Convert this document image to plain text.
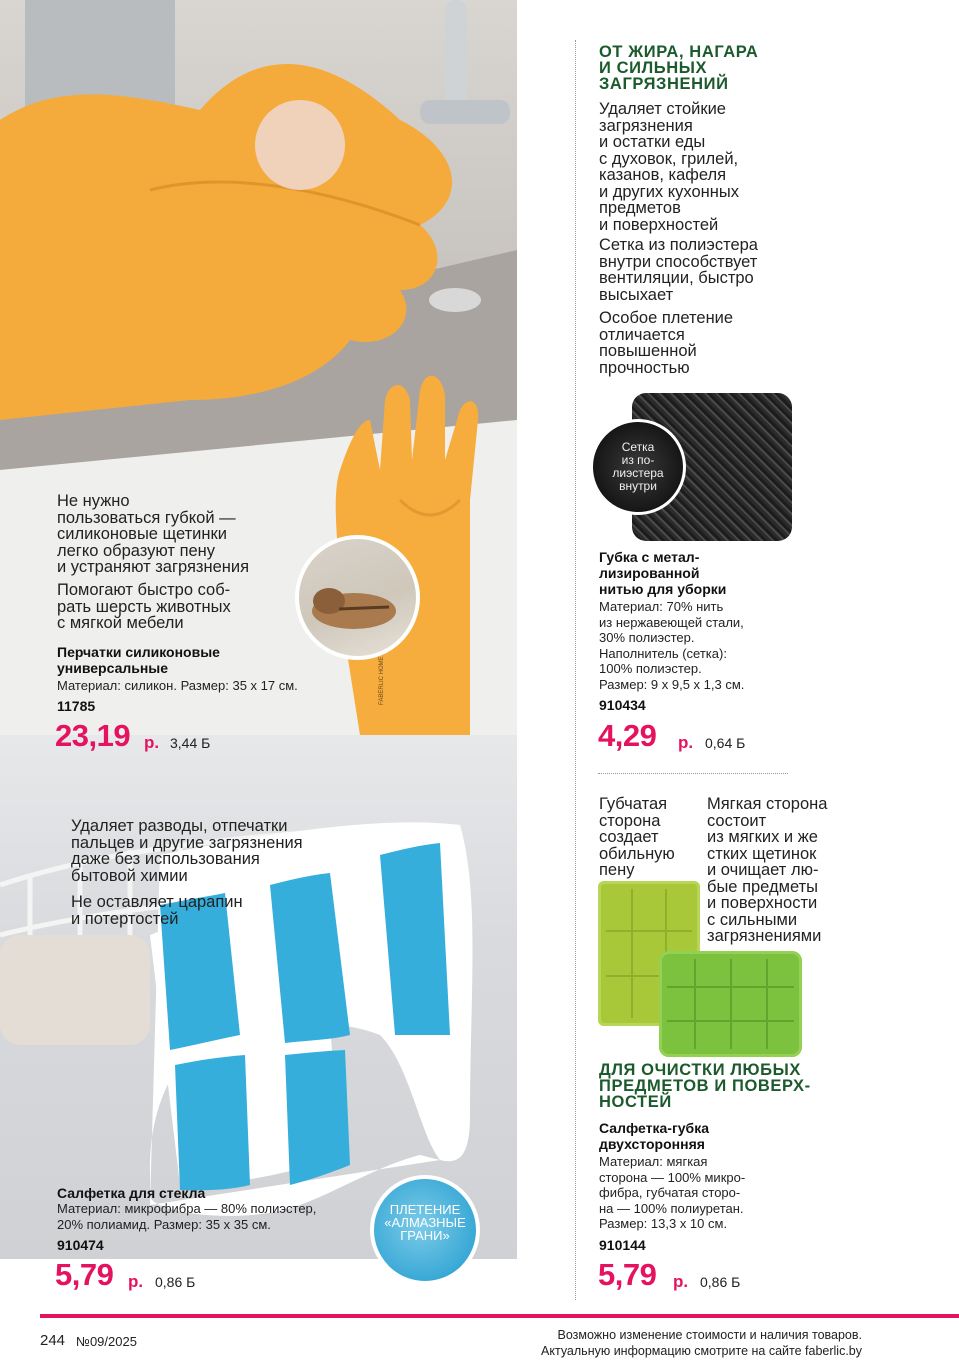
FABERLIC HOME
Не нужно
пользоваться губкой —
силиконовые щетинки
легко образуют пену
и устраняют загрязнения
Помогают быстро соб-
рать шерсть животных
с мягкой мебели
Перчатки силиконовые
универсальные
Материал: силикон. Размер: 35 x 17 см.
11785
23,19 р. 3,44 Б
ПЛЕТЕНИЕ
«АЛМАЗНЫЕ
ГРАНИ»
Удаляет разводы, отпечатки
пальцев и другие загрязнения
даже без использования
бытовой химии
Не оставляет царапин
и потертостей
Салфетка для стекла
Материал: микрофибра — 80% полиэстер,
20% полиамид. Размер: 35 x 35 см.
910474
5,79 р. 0,86 Б
ОТ ЖИРА, НАГАРА
И СИЛЬНЫХ
ЗАГРЯЗНЕНИЙ
Удаляет стойкие
загрязнения
и остатки еды
с духовок, грилей,
казанов, кафеля
и других кухонных
предметов
и поверхностей
Сетка из полиэстера
внутри способствует
вентиляции, быстро
высыхает
Особое плетение
отличается
повышенной
прочностью
Сетка
из по-
лиэстера
внутри
Губка с метал-
лизированной
нитью для уборки
Материал: 70% нить
из нержавеющей стали,
30% полиэстер.
Наполнитель (сетка):
100% полиэстер.
Размер: 9 x 9,5 x 1,3 см.
910434
4,29 р. 0,64 Б
Губчатая
сторона
создает
обильную
пену
Мягкая сторона
состоит
из мягких и же
стких щетинок
и очищает лю-
бые предметы
и поверхности
с сильными
загрязнениями
ДЛЯ ОЧИСТКИ ЛЮБЫХ
ПРЕДМЕТОВ И ПОВЕРХ-
НОСТЕЙ
Салфетка-губка
двухсторонняя
Материал: мягкая
сторона — 100% микро-
фибра, губчатая сторо-
на — 100% полиуретан.
Размер: 13,3 x 10 см.
910144
5,79 р. 0,86 Б
244 №09/2025	Возможно изменение стоимости и наличия товаров.
Актуальную информацию смотрите на сайте faberlic.by
